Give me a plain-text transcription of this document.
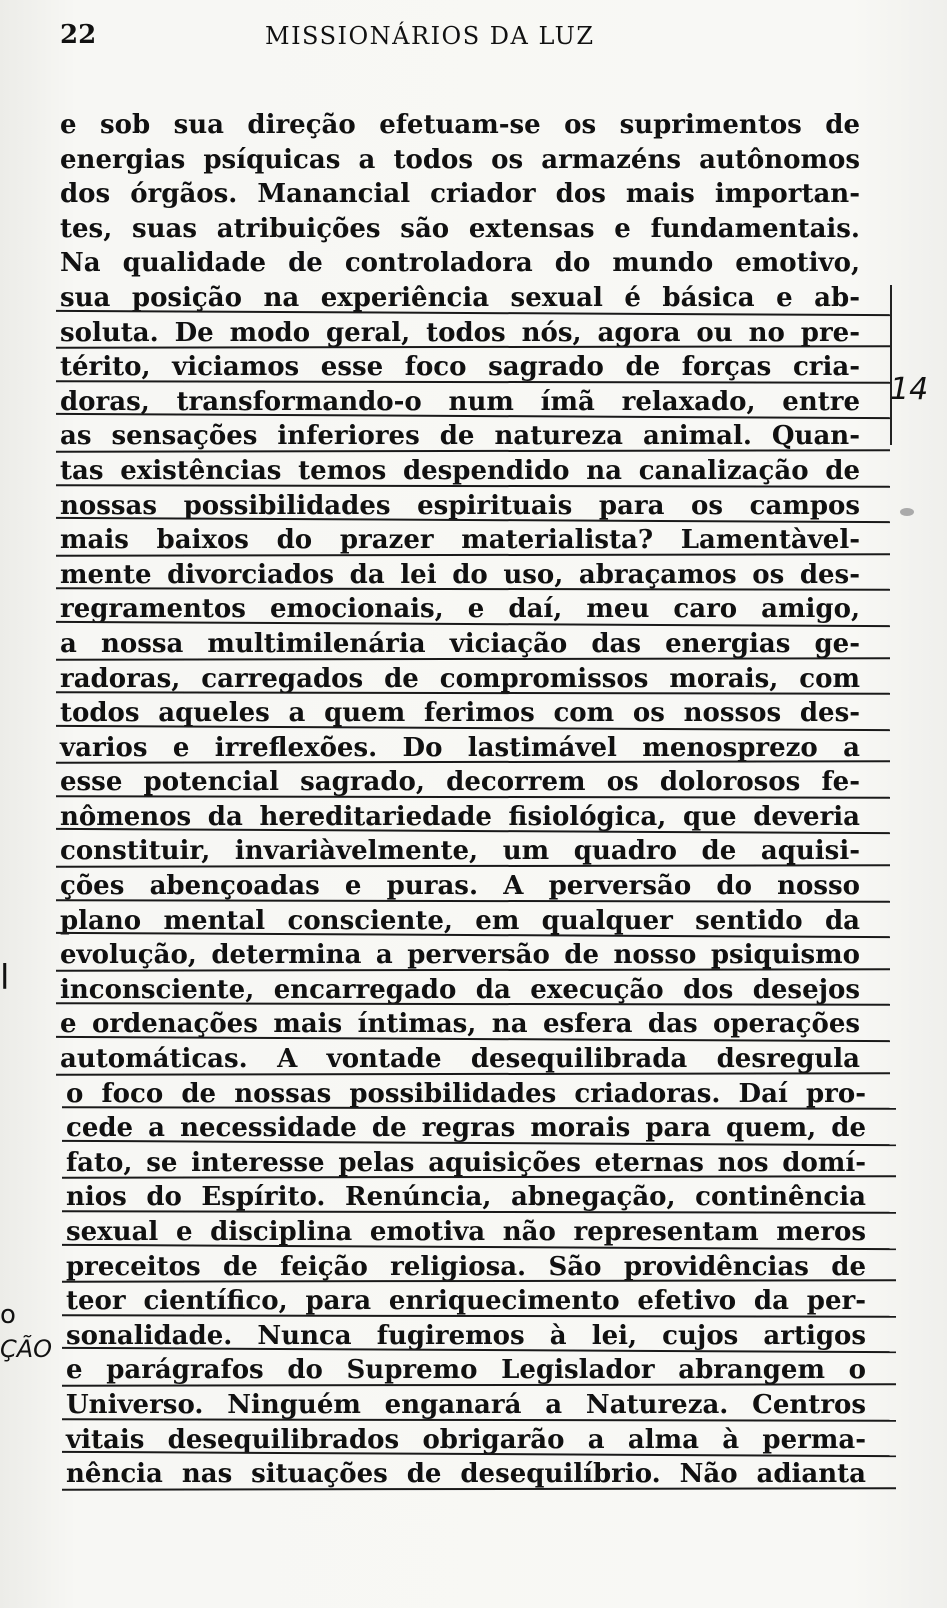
22	MISSIONÁRIOS DA LUZ
e sob sua direção efetuam-se os suprimentos de
energias psíquicas a todos os armazéns autônomos
dos órgãos. Manancial criador dos mais importan-
tes, suas atribuições são extensas e fundamentais.
Na qualidade de controladora do mundo emotivo,
sua posição na experiência sexual é básica e ab-
soluta. De modo geral, todos nós, agora ou no pre-
térito, viciamos esse foco sagrado de forças cria-
doras, transformando-o num ímã relaxado, entre
as sensações inferiores de natureza animal. Quan-
tas existências temos despendido na canalização de
nossas possibilidades espirituais para os campos
mais baixos do prazer materialista? Lamentàvel-
mente divorciados da lei do uso, abraçamos os des-
regramentos emocionais, e daí, meu caro amigo,
a nossa multimilenária viciação das energias ge-
radoras, carregados de compromissos morais, com
todos aqueles a quem ferimos com os nossos des-
varios e irreflexões. Do lastimável menosprezo a
esse potencial sagrado, decorrem os dolorosos fe-
nômenos da hereditariedade fisiológica, que deveria
constituir, invariàvelmente, um quadro de aquisi-
ções abençoadas e puras. A perversão do nosso
plano mental consciente, em qualquer sentido da
evolução, determina a perversão de nosso psiquismo
inconsciente, encarregado da execução dos desejos
e ordenações mais íntimas, na esfera das operações
automáticas. A vontade desequilibrada desregula
o foco de nossas possibilidades criadoras. Daí pro-
cede a necessidade de regras morais para quem, de
fato, se interesse pelas aquisições eternas nos domí-
nios do Espírito. Renúncia, abnegação, continência
sexual e disciplina emotiva não representam meros
preceitos de feição religiosa. São providências de
teor científico, para enriquecimento efetivo da per-
sonalidade. Nunca fugiremos à lei, cujos artigos
e parágrafos do Supremo Legislador abrangem o
Universo. Ninguém enganará a Natureza. Centros
vitais desequilibrados obrigarão a alma à perma-
nência nas situações de desequilíbrio. Não adianta
14
l
o
ÇÃO
